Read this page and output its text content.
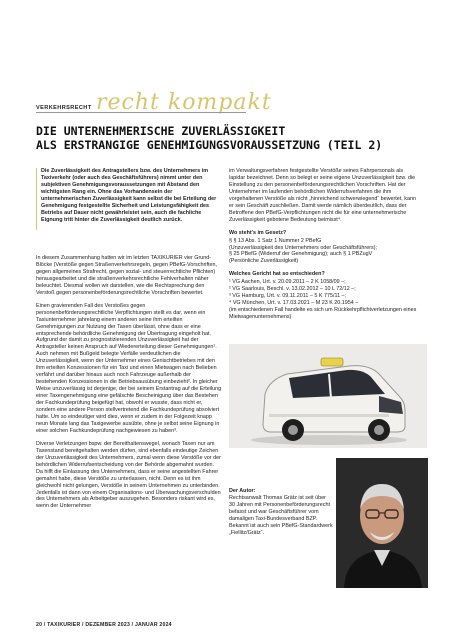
recht kompakt
VERKEHRSRECHT
DIE UNTERNEHMERISCHE ZUVERLÄSSIGKEIT
ALS ERSTRANGIGE GENEHMIGUNGSVORAUSSETZUNG (TEIL 2)

Die Zuverlässigkeit des Antragstellers bzw. des Unternehmers im Taxiverkehr (oder auch des Geschäftsführers) nimmt unter den subjektiven Genehmigungsvoraussetzungen mit Abstand den wichtigsten Rang ein. Ohne das Vorhandensein der unternehmerischen Zuverlässigkeit kann selbst die bei Erteilung der Genehmigung festgestellte Sicherheit und Leistungsfähigkeit des Betriebs auf Dauer nicht gewährleistet sein, auch die fachliche Eignung tritt hinter die Zuverlässigkeit deutlich zurück.

In diesem Zusammenhang hatten wir im letzten TAXIKURIER vier Grund-Blöcke (Verstöße gegen Straßenverkehrsregeln, gegen PBefG-Vorschriften, gegen allgemeines Strafrecht, gegen sozial- und steuerrechtliche Pflichten) herausgearbeitet und die straßenverkehrsrechtliche Fehlverhalten näher beleuchtet. Diesmal wollen wir darstellen, wie die Rechtsprechung den Verstoß gegen personenbeförderungsrechtliche Vorschriften bewertet.

Einen gravierenden Fall des Verstoßes gegen personenbeförderungsrechtliche Verpflichtungen stellt es dar, wenn ein Taxiunternehmer jahrelang einem anderen seine ihm erteilten Genehmigungen zur Nutzung der Taxen überlässt, ohne dass er eine entsprechende behördliche Genehmigung der Übertragung eingeholt hat. Aufgrund der damit zu prognostizierenden Unzuverlässigkeit hat der Antragsteller keinen Anspruch auf Wiedererteilung dieser Genehmigungen¹. Auch nehmen mit Bußgeld belegte Verfälle verdeutlichen die Unzuverlässigkeit, wenn der Unternehmer eines Genischtbetriebes mit den ihm erteilten Konzessionen für ein Taxi und einen Mietwagen nach Belieben verfährt und darüber hinaus auch noch Fahrzeuge außerhalb der bestehenden Konzessionen in die Betriebsausübung einbezieht². In gleicher Weise unzuverlässig ist derjenige, der bei seinem Erstantrag auf die Erteilung einer Taxengenehmigung eine gefälschte Bescheinigung über das Bestehen der Fachkundeprüfung beigefügt hat, obwohl er wusste, dass nicht er, sondern eine andere Person stellvertretend die Fachkundeprüfung absolviert hatte. Um so eindeutiger wird dies, wenn er zudem in der Folgezeit knapp neun Monate lang das Taxigewerbe ausübte, ohne je selbst seine Eignung in einer solchen Fachkundeprüfung nachgewiesen zu haben³.

Diverse Verletzungen bspw. der Bereithaltenswegel, wonach Taxen nur am Taxenstand bereitgehalten werden dürfen, sind ebenfalls eindeutige Zeichen der Unzuverlässigkeit des Unternehmers, zumal wenn diese Verstöße vor der behördlichen Widerrufsentscheidung von der Behörde abgemahnt wurden. Da hilft die Einlassung des Unternehmers, dass er seine angestellten Fahrer gemahnt habe, diese Verstöße zu unterlassen, nicht. Denn es ist ihm gleichwohl nicht gelungen, Verstöße in seinem Unternehmen zu unterbinden. Jedenfalls ist dann von einem Organisations- und Überwachungsverschulden des Unternehmers als Arbeitgeber auszugehen. Besonders riskant wird es, wenn der Unternehmer

im Verwaltungsverfahren festgestellte Verstöße seines Fahrpersonals als lapidar bezeichnet. Denn so belegt er seine eigene Unzuverlässigkeit bzw. die Einstellung zu den personenbeförderungsrechtlichen Vorschriften. Hat der Unternehmer im laufenden behördlichen Widerrufsverfahren die ihm vorgehaltenen Verstöße als nicht „hinreichend schwerwiegend“ bewertet, kann er sein Geschäft zuschließen. Damit werde nämlich überdeutlich, dass der Betroffene den PBefG-Verpflichtungen nicht die für eine unternehmerische Zuverlässigkeit gebotene Bedeutung beimisst⁴.

Wo steht's im Gesetz?
§ § 13 Abs. 1 Satz 1 Nummer 2 PBefG
(Unzuverlässigkeit des Unternehmers oder Geschäftsführers);
§ 25 PBefG (Widerruf der Genehmigung); auch § 1 PBZugV
(Persönliche Zuverlässigkeit)
Welches Gericht hat so entschieden?
¹ VG Aachen, Urt. v. 20.09.2011 – 2 K 1058/09 –;
² VG Saarlouis, Beschl. v. 13.02.2012 – 10 L 72/12 –;
³ VG Hamburg, Urt. v. 09.11.2011 – 5 K 775/11 –;
⁴ VG München, Urt. v. 17.03.2021 – M 23 K 20.1954 –
(im entschiedenen Fall handelte es sich um Rückkehrpflichtverletzungen eines Mietwagenunternehmens)
Der Autor:
Rechtsanwalt Thomas Grätz ist seit über 30 Jahren mit Personenbeförderungsrecht befasst und war Geschäftsführer vom damaligen Taxi-Bundesverband BZP. Bekannt ist auch sein PBefG-Standardwerk „Fiellitz/Grätz“.
20 / TAXIKURIER / DEZEMBER 2023 / JANUAR 2024
